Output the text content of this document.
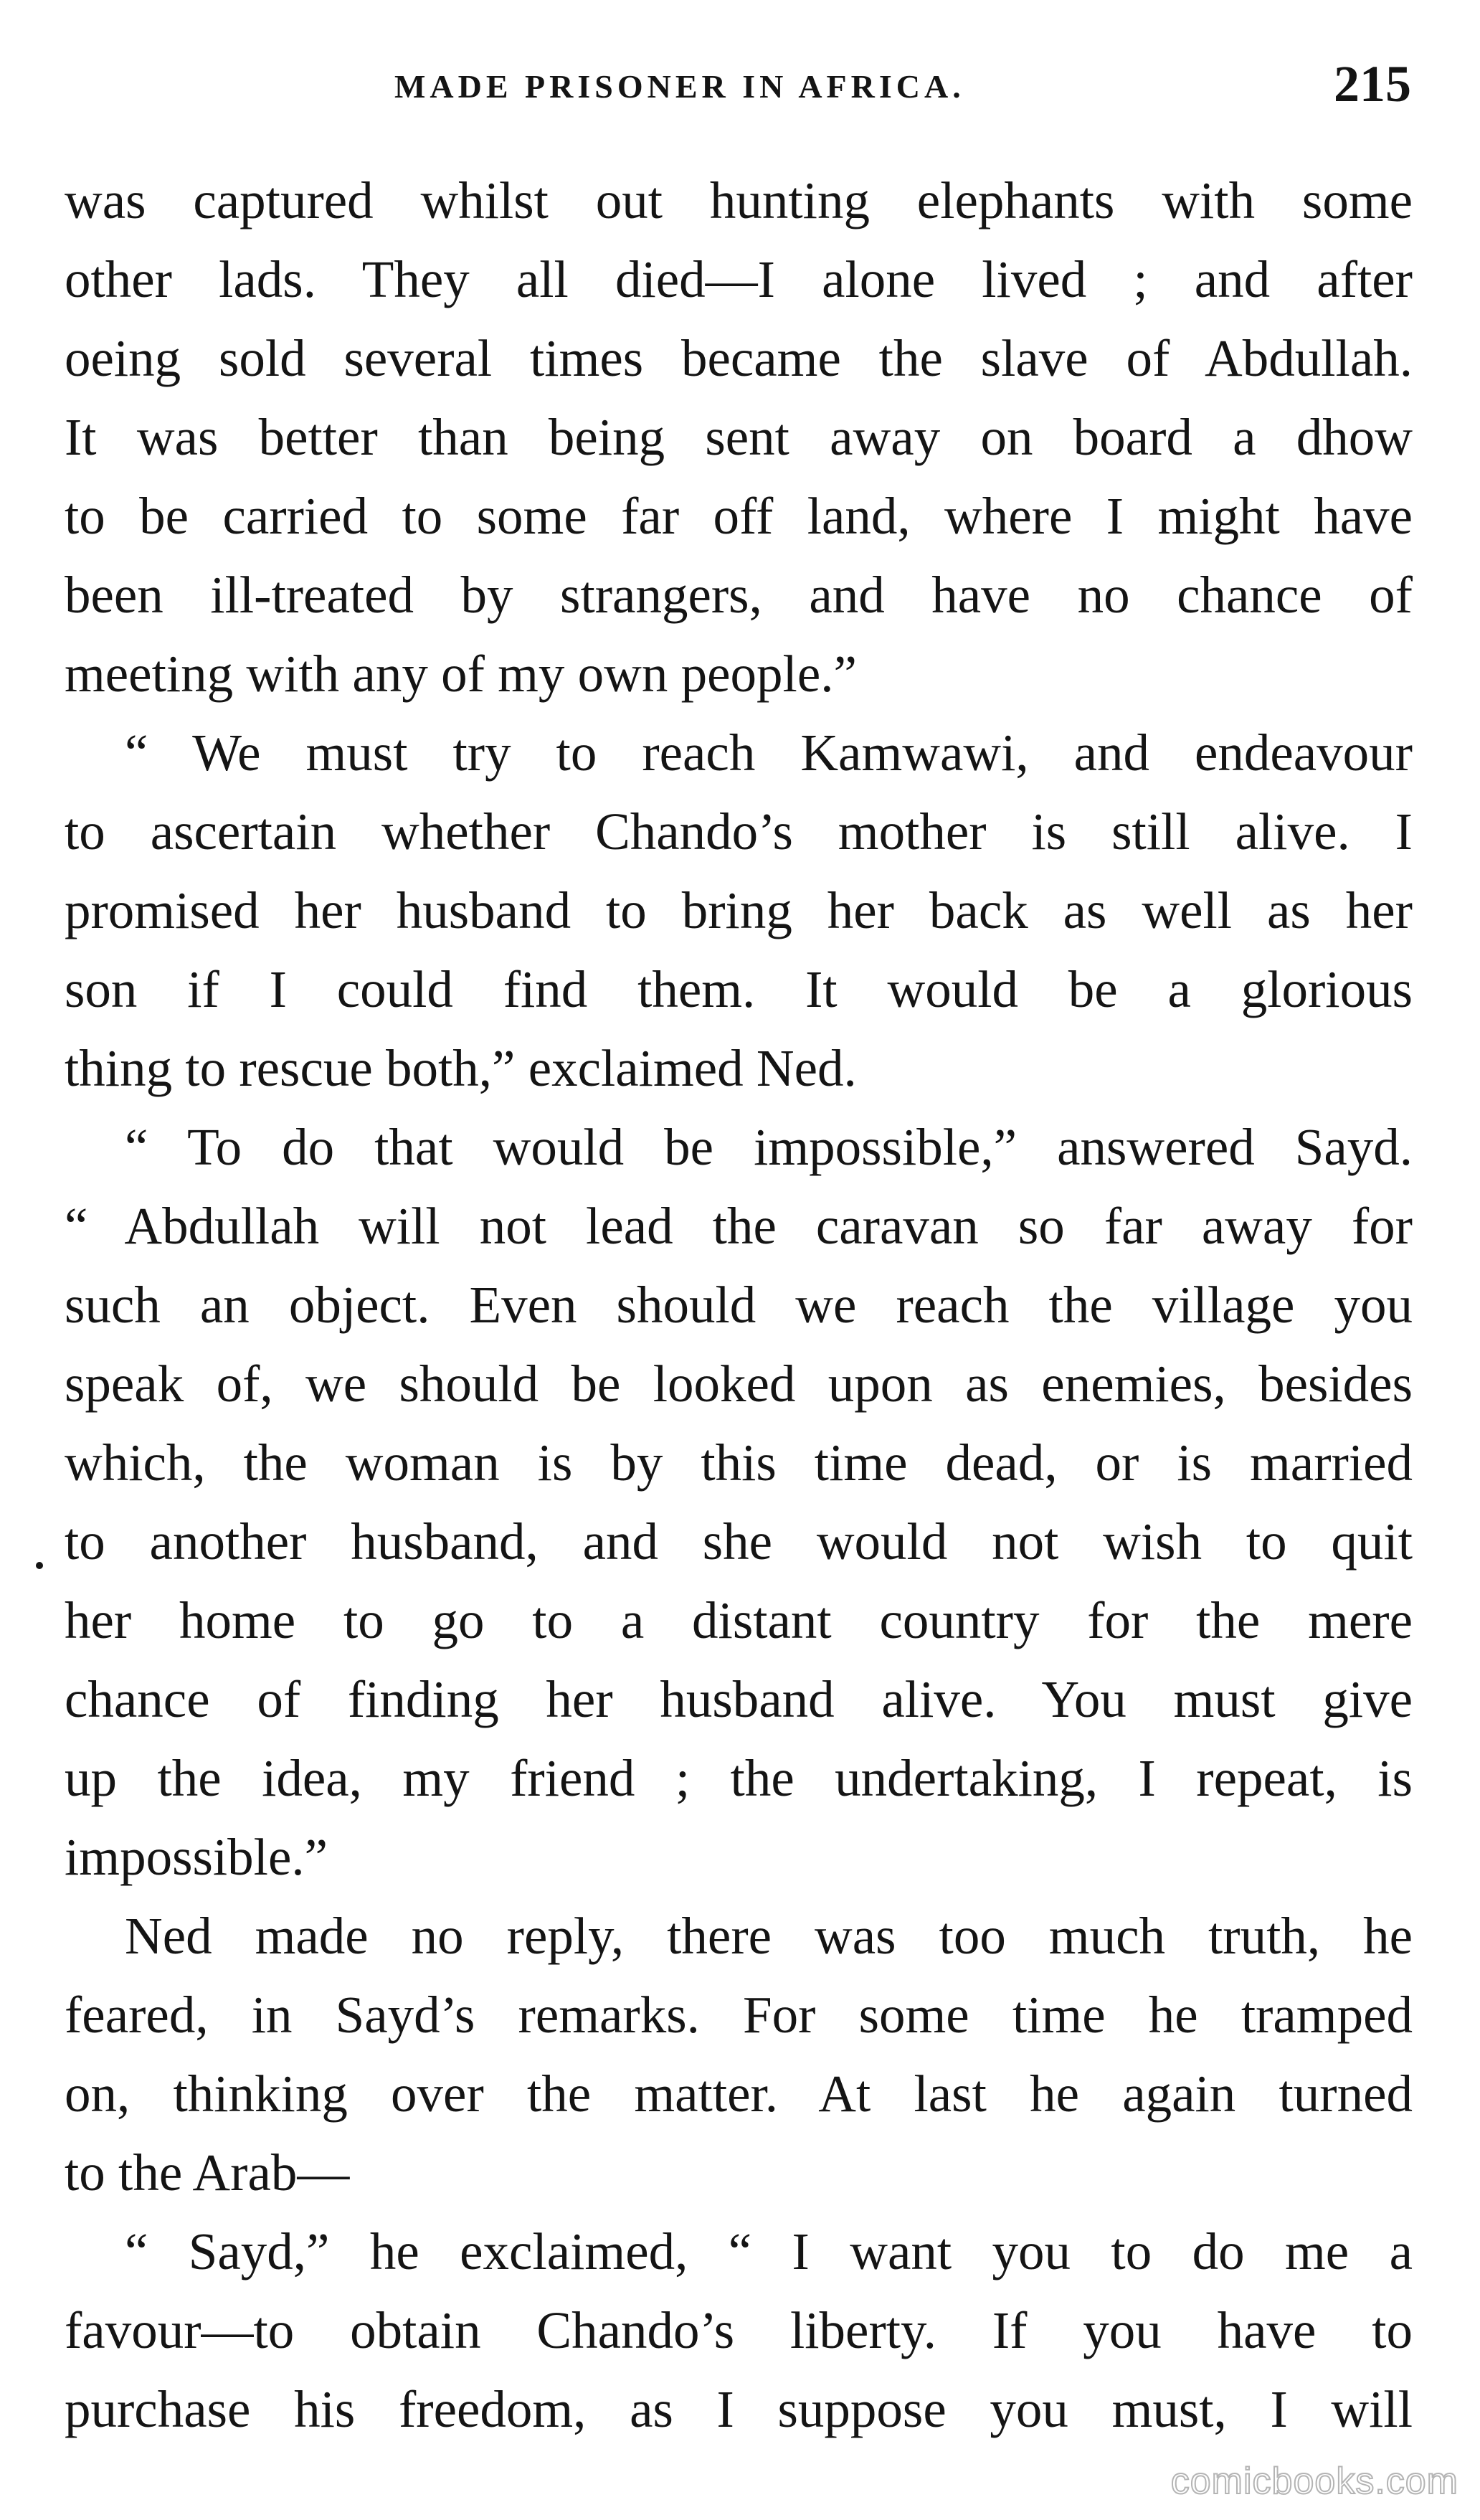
MADE PRISONER IN AFRICA.	215
was captured whilst out hunting elephants with some
other lads. They all died—I alone lived ; and after
oeing sold several times became the slave of Abdullah.
It was better than being sent away on board a dhow
to be carried to some far off land, where I might have
been ill-treated by strangers, and have no chance of
meeting with any of my own people.”
“ We must try to reach Kamwawi, and endeavour
to ascertain whether Chando’s mother is still alive. I
promised her husband to bring her back as well as her
son if I could find them. It would be a glorious
thing to rescue both,” exclaimed Ned.
“ To do that would be impossible,” answered Sayd.
“ Abdullah will not lead the caravan so far away for
such an object. Even should we reach the village you
speak of, we should be looked upon as enemies, besides
which, the woman is by this time dead, or is married
to another husband, and she would not wish to quit
her home to go to a distant country for the mere
chance of finding her husband alive. You must give
up the idea, my friend ; the undertaking, I repeat, is
impossible.”
Ned made no reply, there was too much truth, he
feared, in Sayd’s remarks. For some time he tramped
on, thinking over the matter. At last he again turned
to the Arab—
“ Sayd,” he exclaimed, “ I want you to do me a
favour—to obtain Chando’s liberty. If you have to
purchase his freedom, as I suppose you must, I will
comicbooks.com
